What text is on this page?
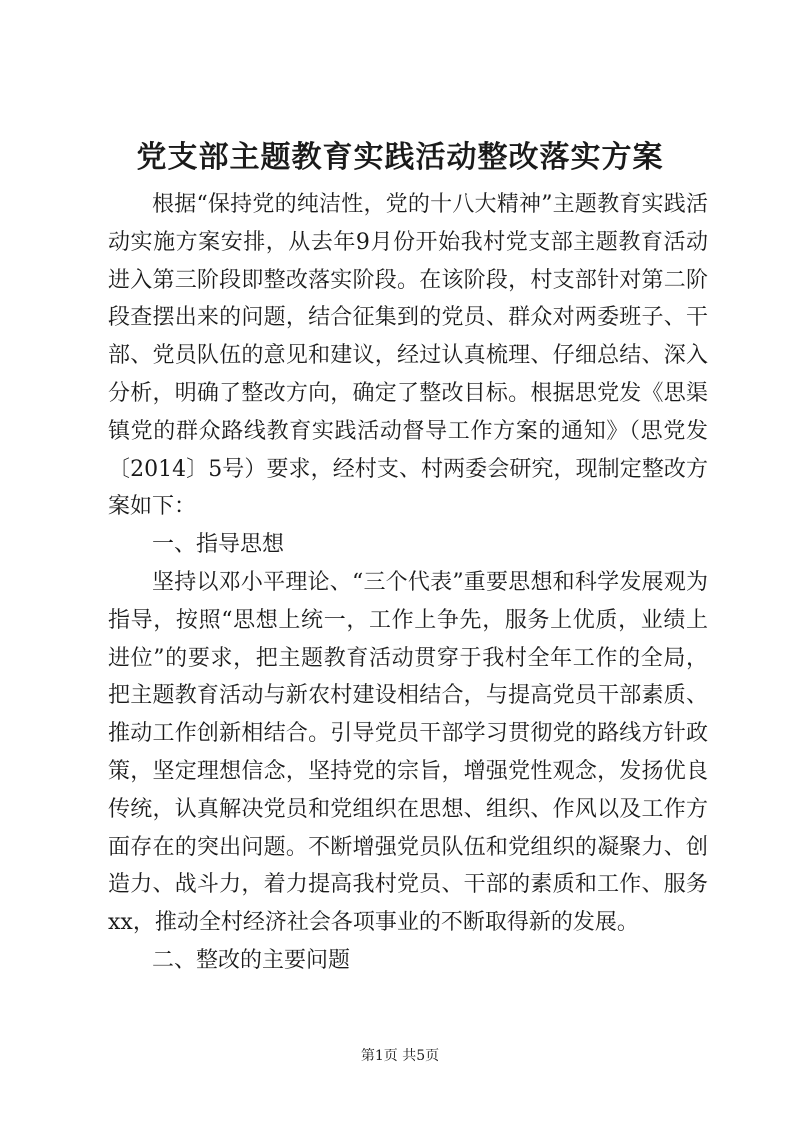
党支部主题教育实践活动整改落实方案

根据“保持党的纯洁性，党的十八大精神”主题教育实践活动实施方案安排，从去年9月份开始我村党支部主题教育活动进入第三阶段即整改落实阶段。在该阶段，村支部针对第二阶段查摆出来的问题，结合征集到的党员、群众对两委班子、干部、党员队伍的意见和建议，经过认真梳理、仔细总结、深入分析，明确了整改方向，确定了整改目标。根据思党发《思渠镇党的群众路线教育实践活动督导工作方案的通知》（思党发〔2014〕5号）要求，经村支、村两委会研究，现制定整改方案如下：

一、指导思想

坚持以邓小平理论、“三个代表”重要思想和科学发展观为指导，按照“思想上统一，工作上争先，服务上优质，业绩上进位”的要求，把主题教育活动贯穿于我村全年工作的全局，把主题教育活动与新农村建设相结合，与提高党员干部素质、推动工作创新相结合。引导党员干部学习贯彻党的路线方针政策，坚定理想信念，坚持党的宗旨，增强党性观念，发扬优良传统，认真解决党员和党组织在思想、组织、作风以及工作方面存在的突出问题。不断增强党员队伍和党组织的凝聚力、创造力、战斗力，着力提高我村党员、干部的素质和工作、服务xx，推动全村经济社会各项事业的不断取得新的发展。

二、整改的主要问题

第1页 共5页
